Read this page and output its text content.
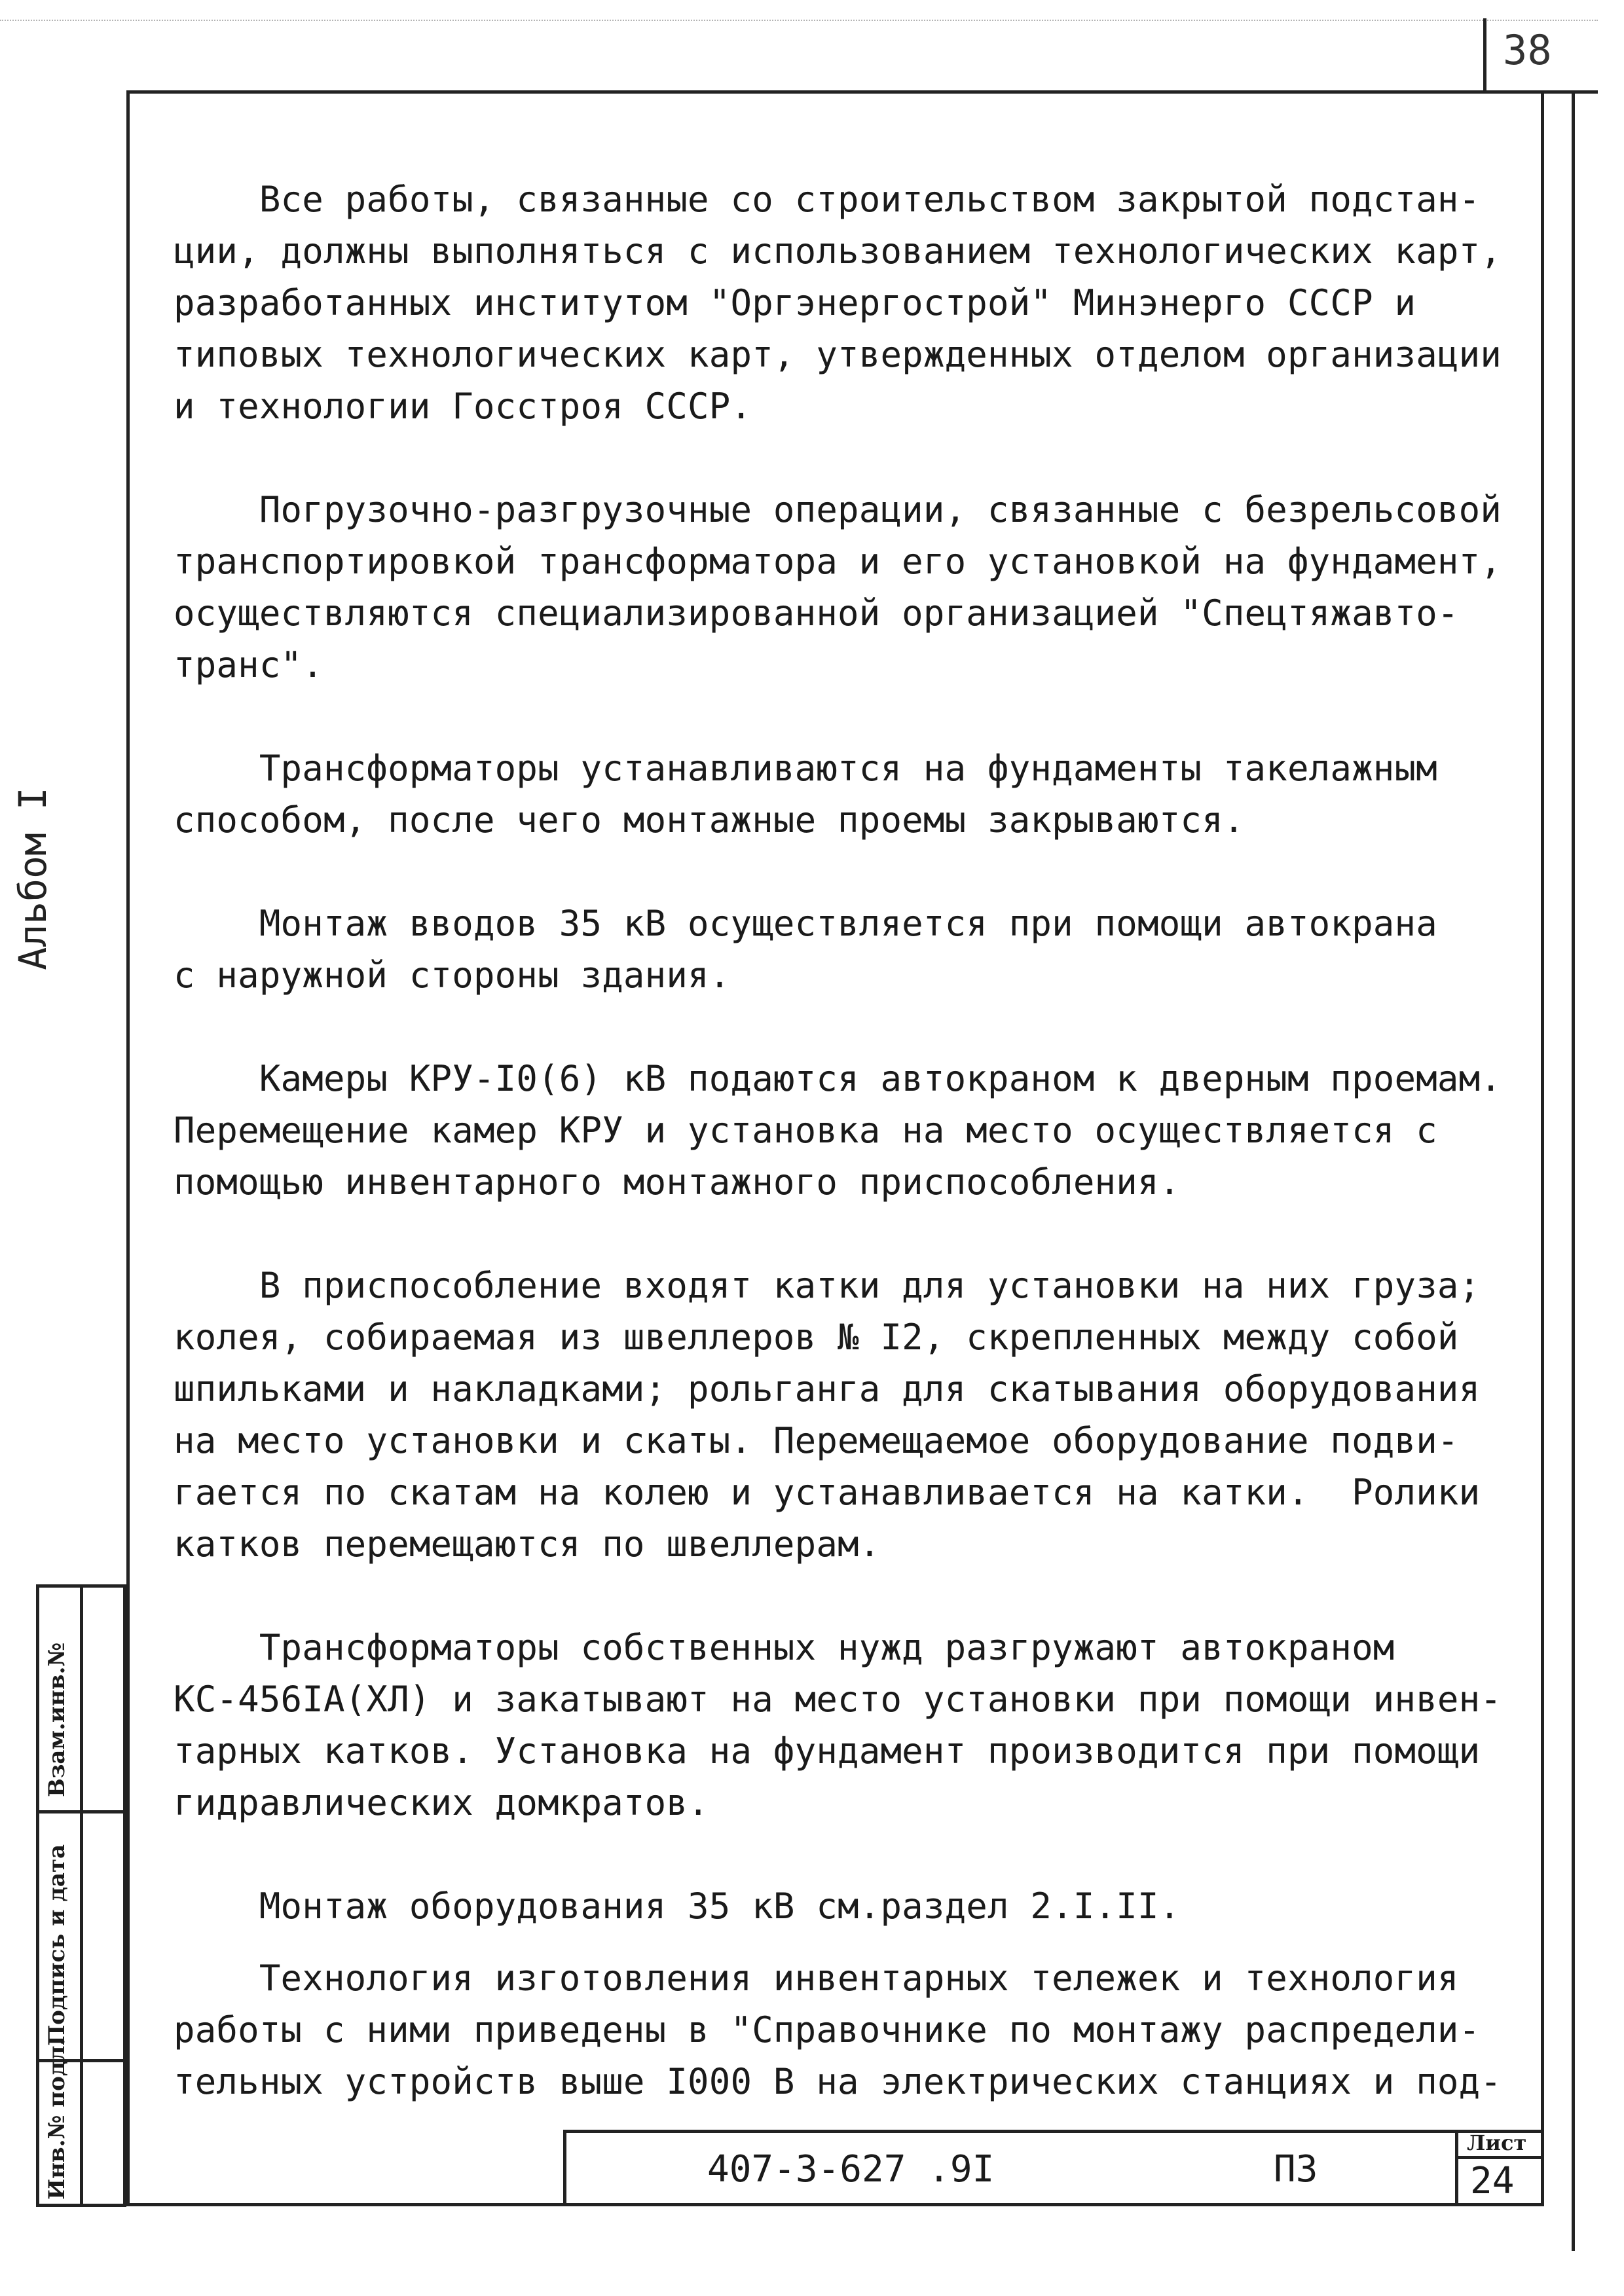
38
Альбом I

Все работы, связанные со строительством закрытой подстан-

ции, должны выполняться с использованием технологических карт,

разработанных институтом "Оргэнергострой" Минэнерго СССР и

типовых технологических карт, утвержденных отделом организации

и технологии Госстроя СССР.

Погрузочно-разгрузочные операции, связанные с безрельсовой

транспортировкой трансформатора и его установкой на фундамент,

осуществляются специализированной организацией "Спецтяжавто-

транс".

Трансформаторы устанавливаются на фундаменты такелажным

способом, после чего монтажные проемы закрываются.

Монтаж вводов 35 кВ осуществляется при помощи автокрана

с наружной стороны здания.

Камеры КРУ-I0(6) кВ подаются автокраном к дверным проемам.

Перемещение камер КРУ и установка на место осуществляется с

помощью инвентарного монтажного приспособления.

В приспособление входят катки для установки на них груза;

колея, собираемая из швеллеров № I2, скрепленных между собой

шпильками и накладками; рольганга для скатывания оборудования

на место установки и скаты. Перемещаемое оборудование подви-

гается по скатам на колею и устанавливается на катки.  Ролики

катков перемещаются по швеллерам.

Трансформаторы собственных нужд разгружают автокраном

КС-456IА(ХЛ) и закатывают на место установки при помощи инвен-

тарных катков. Установка на фундамент производится при помощи

гидравлических домкратов.

Монтаж оборудования 35 кВ см.раздел 2.I.II.

Технология изготовления инвентарных тележек и технология

работы с ними приведены в "Справочнике по монтажу распредели-

тельных устройств выше I000 В на электрических станциях и под-

Взам.инв.№
Подпись и дата
Инв.№ подл.	407-3-627 .9I	ПЗ
Лист
24
